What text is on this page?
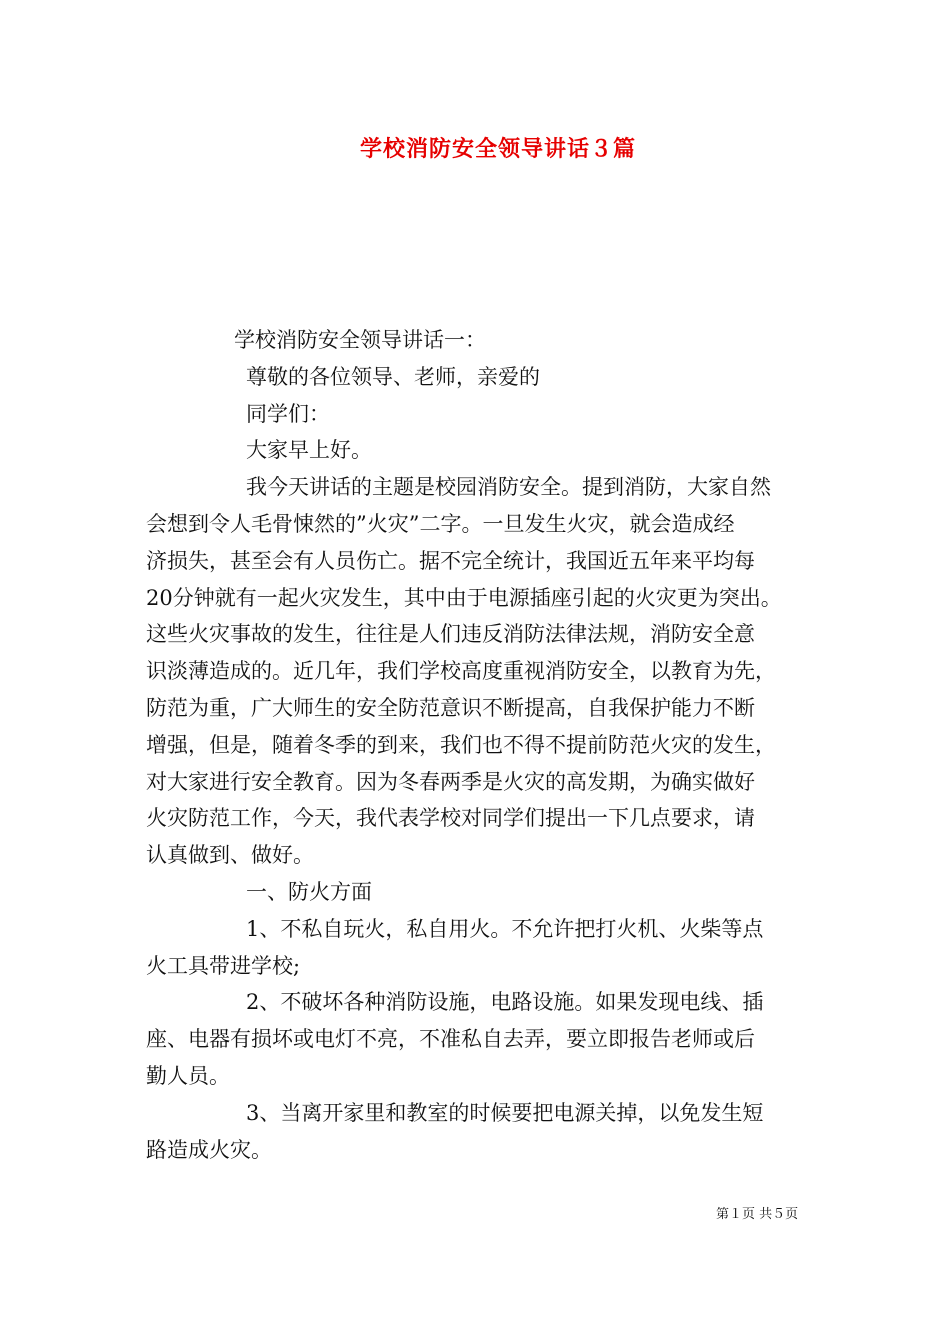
学校消防安全领导讲话３篇
学校消防安全领导讲话一：
尊敬的各位领导、老师，亲爱的
同学们：
大家早上好。
我今天讲话的主题是校园消防安全。提到消防，大家自然
会想到令人毛骨悚然的”火灾”二字。一旦发生火灾，就会造成经
济损失，甚至会有人员伤亡。据不完全统计，我国近五年来平均每
20分钟就有一起火灾发生，其中由于电源插座引起的火灾更为突出。
这些火灾事故的发生，往往是人们违反消防法律法规，消防安全意
识淡薄造成的。近几年，我们学校高度重视消防安全，以教育为先，
防范为重，广大师生的安全防范意识不断提高，自我保护能力不断
增强，但是，随着冬季的到来，我们也不得不提前防范火灾的发生，
对大家进行安全教育。因为冬春两季是火灾的高发期，为确实做好
火灾防范工作，今天，我代表学校对同学们提出一下几点要求，请
认真做到、做好。
一、防火方面
1、不私自玩火，私自用火。不允许把打火机、火柴等点
火工具带进学校;
2、不破坏各种消防设施，电路设施。如果发现电线、插
座、电器有损坏或电灯不亮，不准私自去弄，要立即报告老师或后
勤人员。
3、当离开家里和教室的时候要把电源关掉，以免发生短
路造成火灾。
第１页 共５页
